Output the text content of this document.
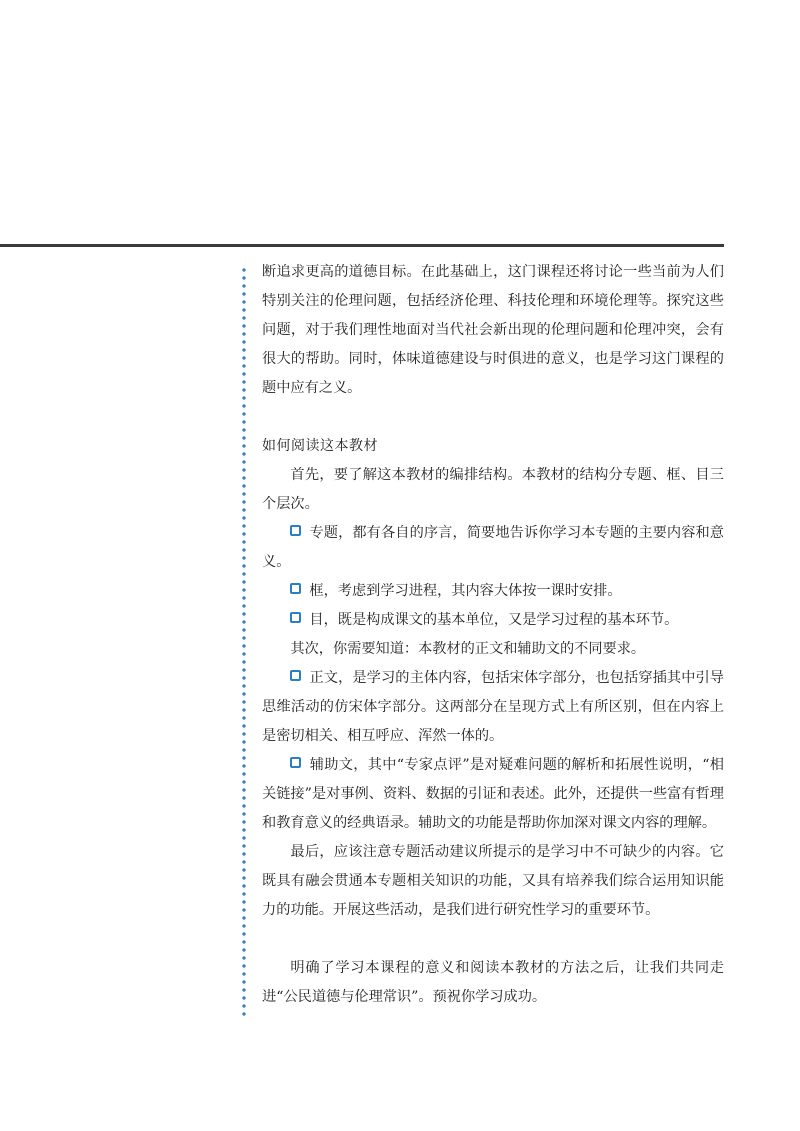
断追求更高的道德目标。在此基础上，这门课程还将讨论一些当前为人们特别关注的伦理问题，包括经济伦理、科技伦理和环境伦理等。探究这些问题，对于我们理性地面对当代社会新出现的伦理问题和伦理冲突，会有很大的帮助。同时，体味道德建设与时俱进的意义，也是学习这门课程的题中应有之义。

如何阅读这本教材

首先，要了解这本教材的编排结构。本教材的结构分专题、框、目三个层次。

专题，都有各自的序言，简要地告诉你学习本专题的主要内容和意义。

框，考虑到学习进程，其内容大体按一课时安排。

目，既是构成课文的基本单位，又是学习过程的基本环节。

其次，你需要知道：本教材的正文和辅助文的不同要求。

正文，是学习的主体内容，包括宋体字部分，也包括穿插其中引导思维活动的仿宋体字部分。这两部分在呈现方式上有所区别，但在内容上是密切相关、相互呼应、浑然一体的。

辅助文，其中“专家点评”是对疑难问题的解析和拓展性说明，“相关链接”是对事例、资料、数据的引证和表述。此外，还提供一些富有哲理和教育意义的经典语录。辅助文的功能是帮助你加深对课文内容的理解。

最后，应该注意专题活动建议所提示的是学习中不可缺少的内容。它既具有融会贯通本专题相关知识的功能，又具有培养我们综合运用知识能力的功能。开展这些活动，是我们进行研究性学习的重要环节。

明确了学习本课程的意义和阅读本教材的方法之后，让我们共同走进“公民道德与伦理常识”。预祝你学习成功。
